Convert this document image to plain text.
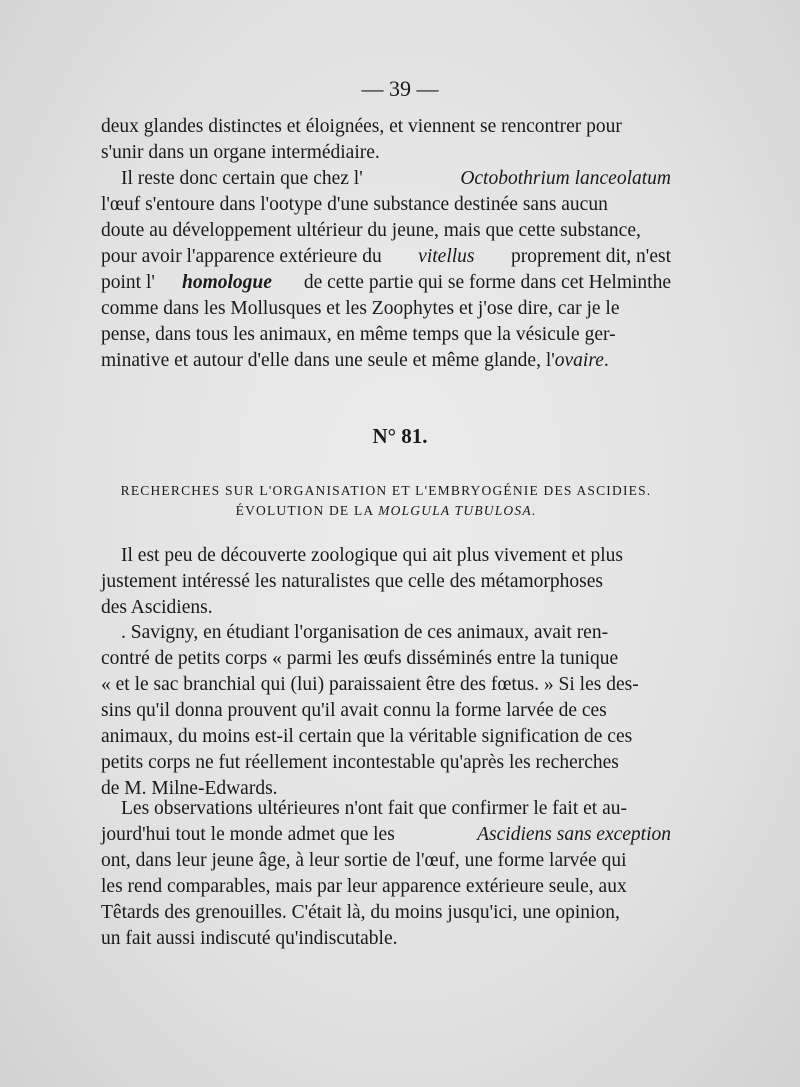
— 39 —
deux glandes distinctes et éloignées, et viennent se rencontrer pour
s'unir dans un organe intermédiaire.
Il reste donc certain que chez l'	Octobothrium lanceolatum
l'œuf s'entoure dans l'ootype d'une substance destinée sans aucun
doute au développement ultérieur du jeune, mais que cette substance,
pour avoir l'apparence extérieure du vitellus proprement dit, n'est
point l' homologue de cette partie qui se forme dans cet Helminthe
comme dans les Mollusques et les Zoophytes et j'ose dire, car je le
pense, dans tous les animaux, en même temps que la vésicule ger-
minative et autour d'elle dans une seule et même glande, l' ovaire .
N° 81.
RECHERCHES SUR L'ORGANISATION ET L'EMBRYOGÉNIE DES ASCIDIES.
ÉVOLUTION DE LA MOLGULA TUBULOSA.
Il est peu de découverte zoologique qui ait plus vivement et plus
justement intéressé les naturalistes que celle des métamorphoses
des Ascidiens.
. Savigny, en étudiant l'organisation de ces animaux, avait ren-
contré de petits corps « parmi les œufs disséminés entre la tunique
« et le sac branchial qui (lui) paraissaient être des fœtus. » Si les des-
sins qu'il donna prouvent qu'il avait connu la forme larvée de ces
animaux, du moins est-il certain que la véritable signification de ces
petits corps ne fut réellement incontestable qu'après les recherches
de M. Milne-Edwards.
Les observations ultérieures n'ont fait que confirmer le fait et au-
jourd'hui tout le monde admet que les	Ascidiens sans exception
ont, dans leur jeune âge, à leur sortie de l'œuf, une forme larvée qui
les rend comparables, mais par leur apparence extérieure seule, aux
Têtards des grenouilles. C'était là, du moins jusqu'ici, une opinion,
un fait aussi indiscuté qu'indiscutable.
